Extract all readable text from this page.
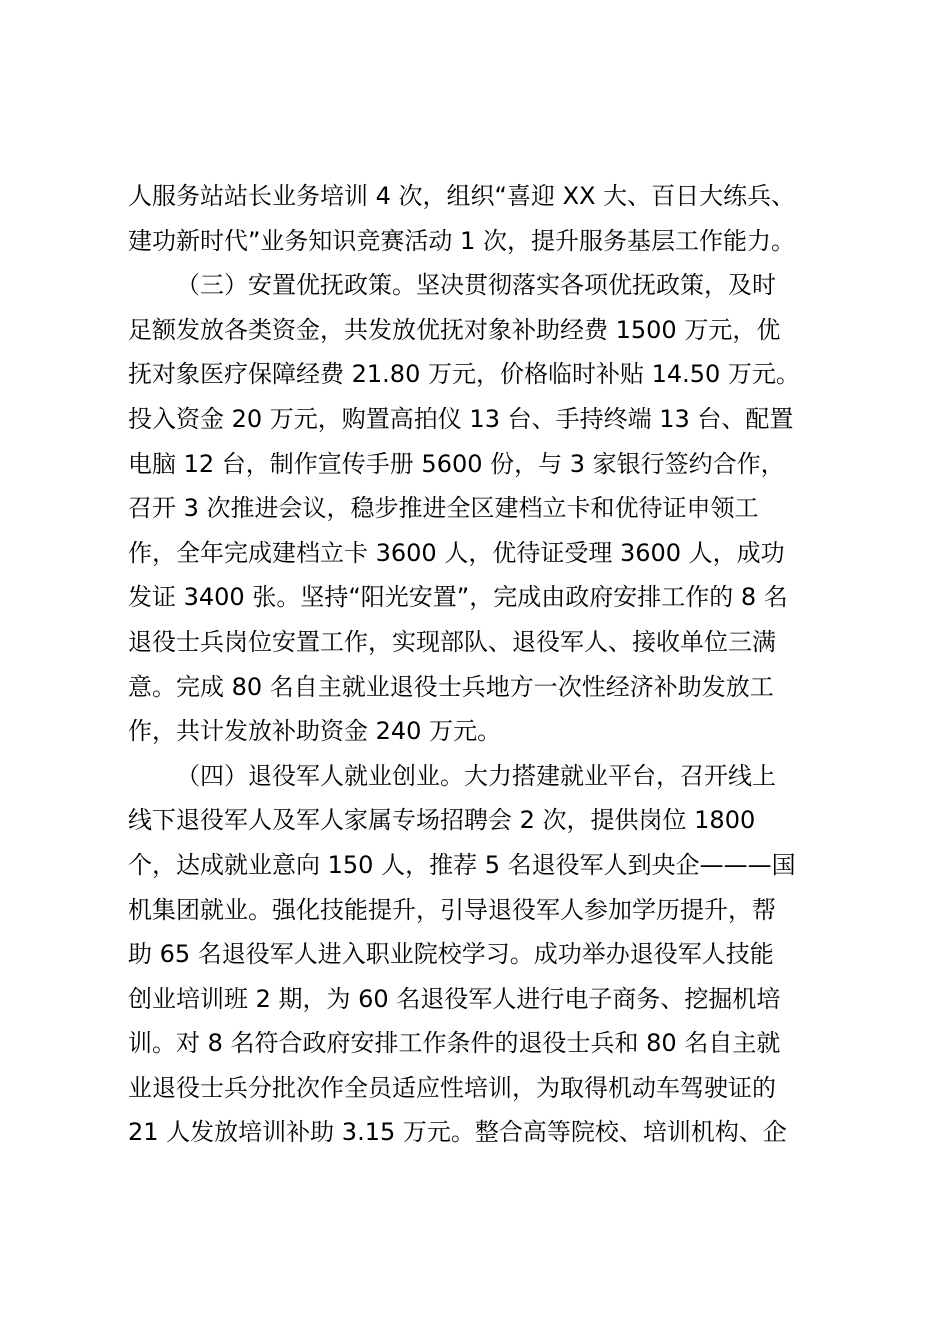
人服务站站长业务培训 4 次，组织“喜迎 XX 大、百日大练兵、
建功新时代”业务知识竞赛活动 1 次，提升服务基层工作能力。
（三）安置优抚政策。坚决贯彻落实各项优抚政策，及时
足额发放各类资金，共发放优抚对象补助经费 1500 万元，优
抚对象医疗保障经费 21.80 万元，价格临时补贴 14.50 万元。
投入资金 20 万元，购置高拍仪 13 台、手持终端 13 台、配置
电脑 12 台，制作宣传手册 5600 份，与 3 家银行签约合作，
召开 3 次推进会议，稳步推进全区建档立卡和优待证申领工
作，全年完成建档立卡 3600 人，优待证受理 3600 人，成功
发证 3400 张。坚持“阳光安置”，完成由政府安排工作的 8 名
退役士兵岗位安置工作，实现部队、退役军人、接收单位三满
意。完成 80 名自主就业退役士兵地方一次性经济补助发放工
作，共计发放补助资金 240 万元。
（四）退役军人就业创业。大力搭建就业平台，召开线上
线下退役军人及军人家属专场招聘会 2 次，提供岗位 1800
个，达成就业意向 150 人，推荐 5 名退役军人到央企———国
机集团就业。强化技能提升，引导退役军人参加学历提升，帮
助 65 名退役军人进入职业院校学习。成功举办退役军人技能
创业培训班 2 期，为 60 名退役军人进行电子商务、挖掘机培
训。对 8 名符合政府安排工作条件的退役士兵和 80 名自主就
业退役士兵分批次作全员适应性培训，为取得机动车驾驶证的
21 人发放培训补助 3.15 万元。整合高等院校、培训机构、企
